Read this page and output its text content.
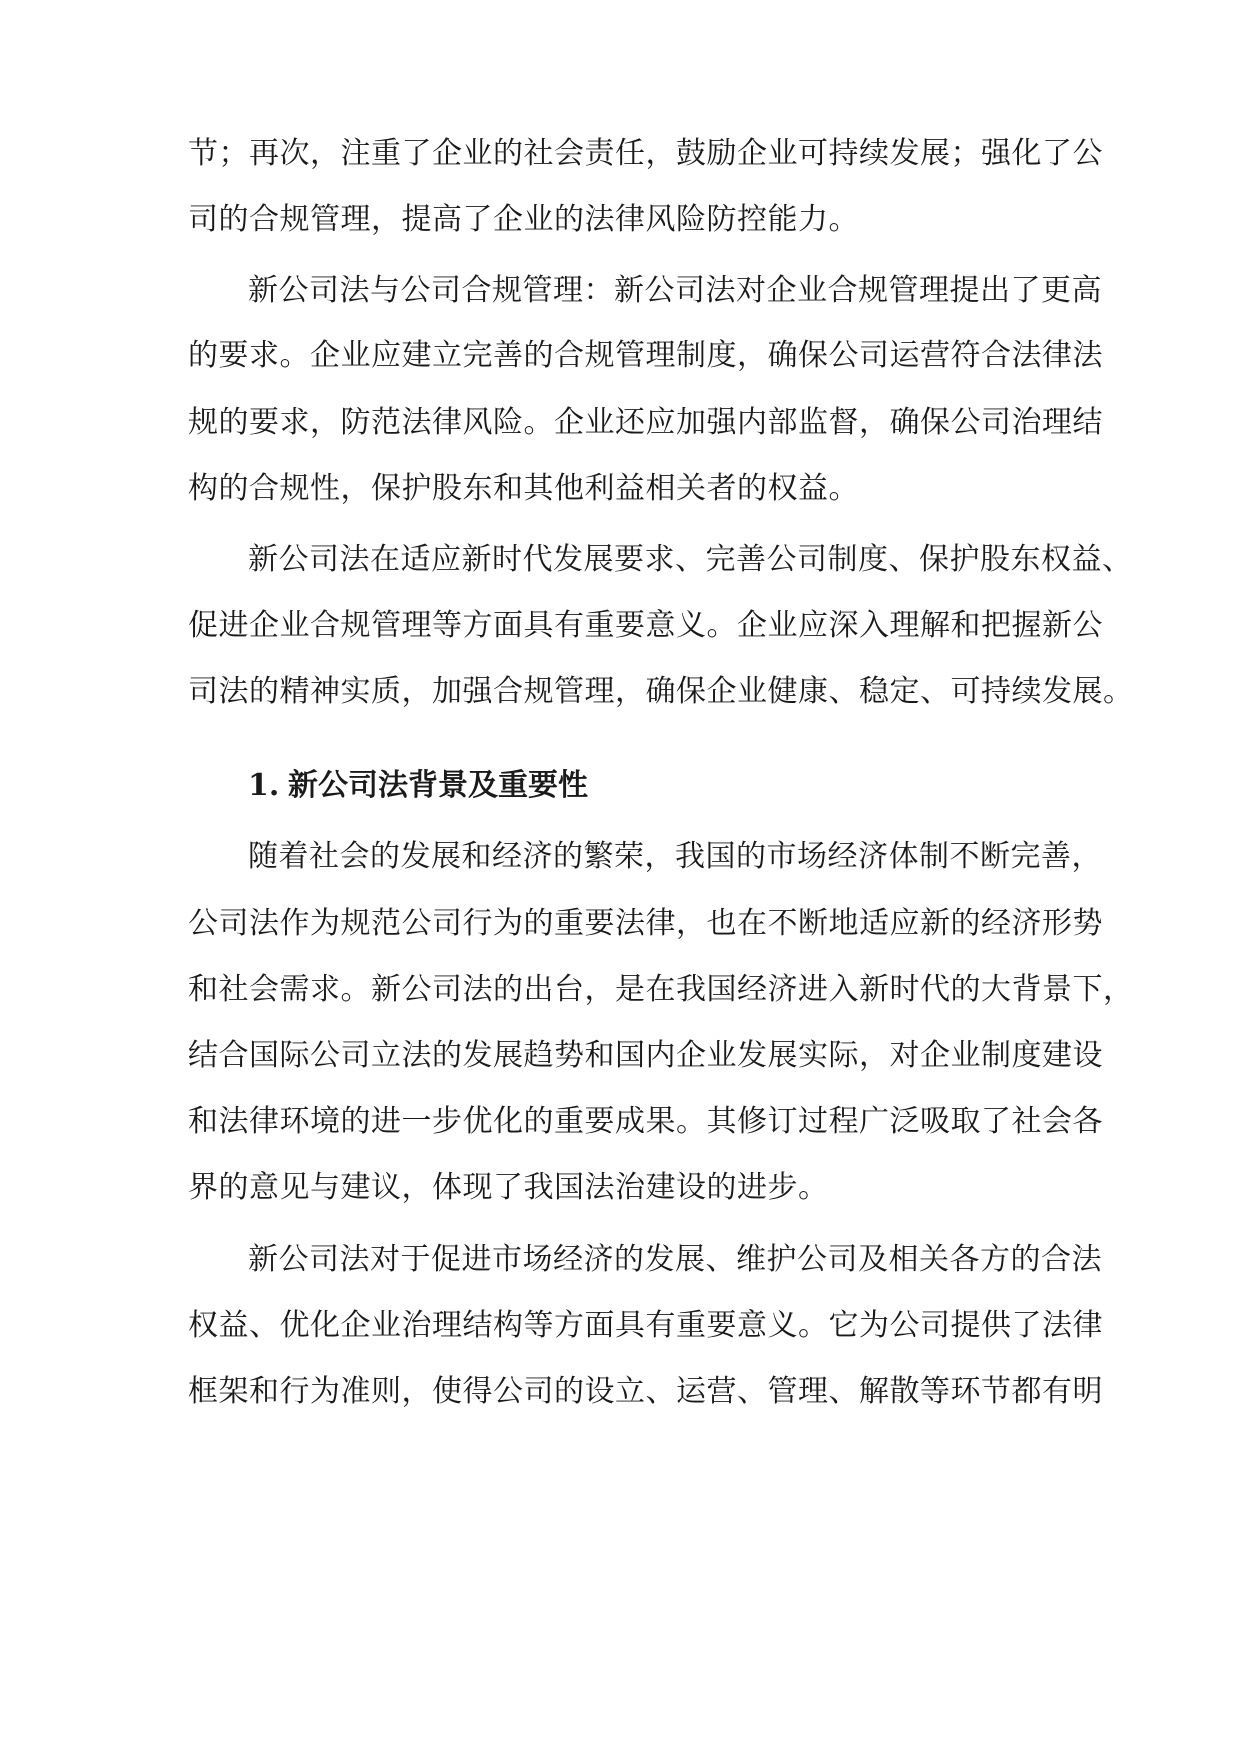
节；再次，注重了企业的社会责任，鼓励企业可持续发展；强化了公
司的合规管理，提高了企业的法律风险防控能力。
新公司法与公司合规管理：新公司法对企业合规管理提出了更高
的要求。企业应建立完善的合规管理制度，确保公司运营符合法律法
规的要求，防范法律风险。企业还应加强内部监督，确保公司治理结
构的合规性，保护股东和其他利益相关者的权益。
新公司法在适应新时代发展要求、完善公司制度、保护股东权益、
促进企业合规管理等方面具有重要意义。企业应深入理解和把握新公
司法的精神实质，加强合规管理，确保企业健康、稳定、可持续发展。
1. 新公司法背景及重要性
随着社会的发展和经济的繁荣，我国的市场经济体制不断完善，
公司法作为规范公司行为的重要法律，也在不断地适应新的经济形势
和社会需求。新公司法的出台，是在我国经济进入新时代的大背景下，
结合国际公司立法的发展趋势和国内企业发展实际，对企业制度建设
和法律环境的进一步优化的重要成果。其修订过程广泛吸取了社会各
界的意见与建议，体现了我国法治建设的进步。
新公司法对于促进市场经济的发展、维护公司及相关各方的合法
权益、优化企业治理结构等方面具有重要意义。它为公司提供了法律
框架和行为准则，使得公司的设立、运营、管理、解散等环节都有明
